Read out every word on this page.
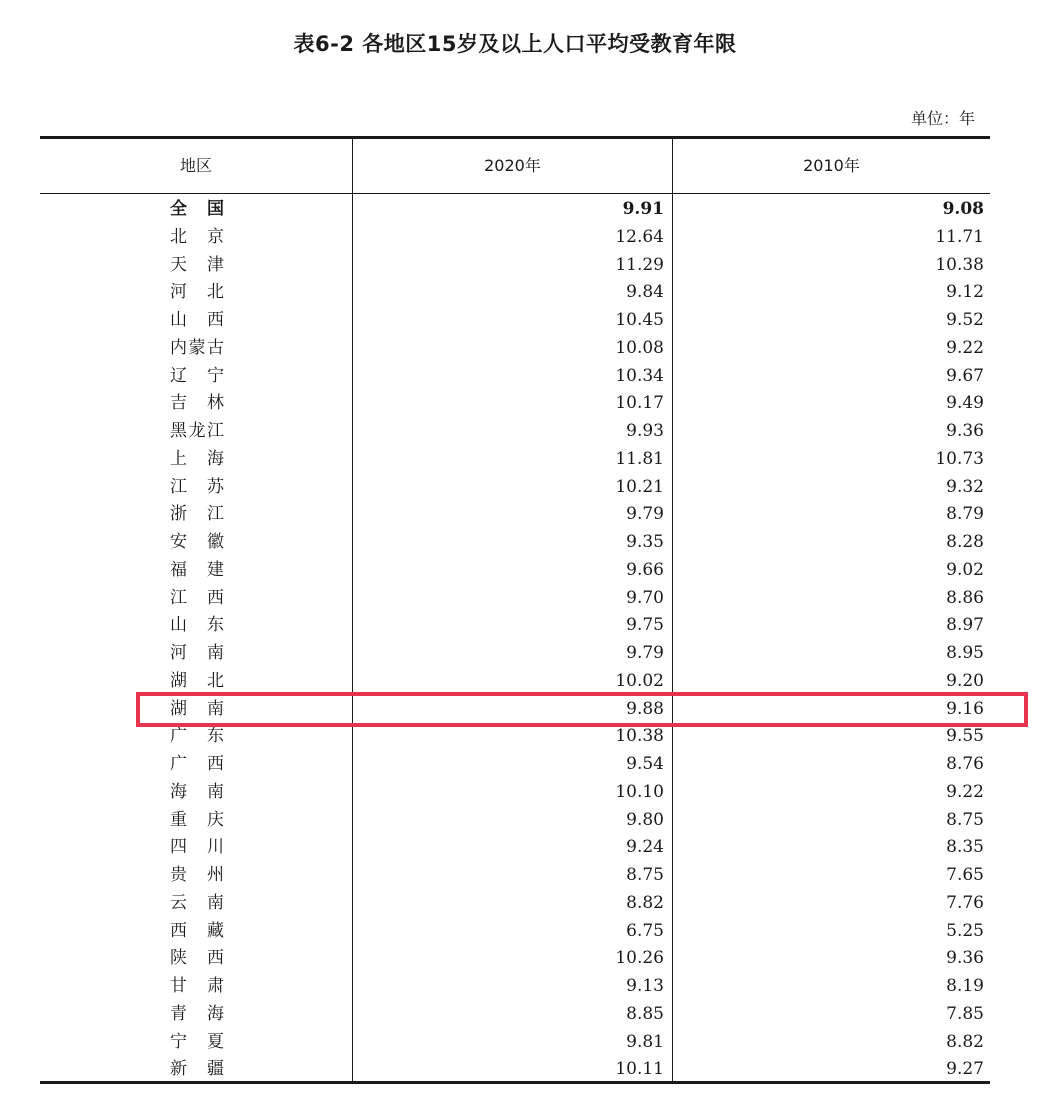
表6-2 各地区15岁及以上人口平均受教育年限
单位：年
地区	2020年	2010年
全　国	9.91	9.08
北　京	12.64	11.71
天　津	11.29	10.38
河　北	9.84	9.12
山　西	10.45	9.52
内蒙古	10.08	9.22
辽　宁	10.34	9.67
吉　林	10.17	9.49
黑龙江	9.93	9.36
上　海	11.81	10.73
江　苏	10.21	9.32
浙　江	9.79	8.79
安　徽	9.35	8.28
福　建	9.66	9.02
江　西	9.70	8.86
山　东	9.75	8.97
河　南	9.79	8.95
湖　北	10.02	9.20
湖　南	9.88	9.16
广　东	10.38	9.55
广　西	9.54	8.76
海　南	10.10	9.22
重　庆	9.80	8.75
四　川	9.24	8.35
贵　州	8.75	7.65
云　南	8.82	7.76
西　藏	6.75	5.25
陕　西	10.26	9.36
甘　肃	9.13	8.19
青　海	8.85	7.85
宁　夏	9.81	8.82
新　疆	10.11	9.27
